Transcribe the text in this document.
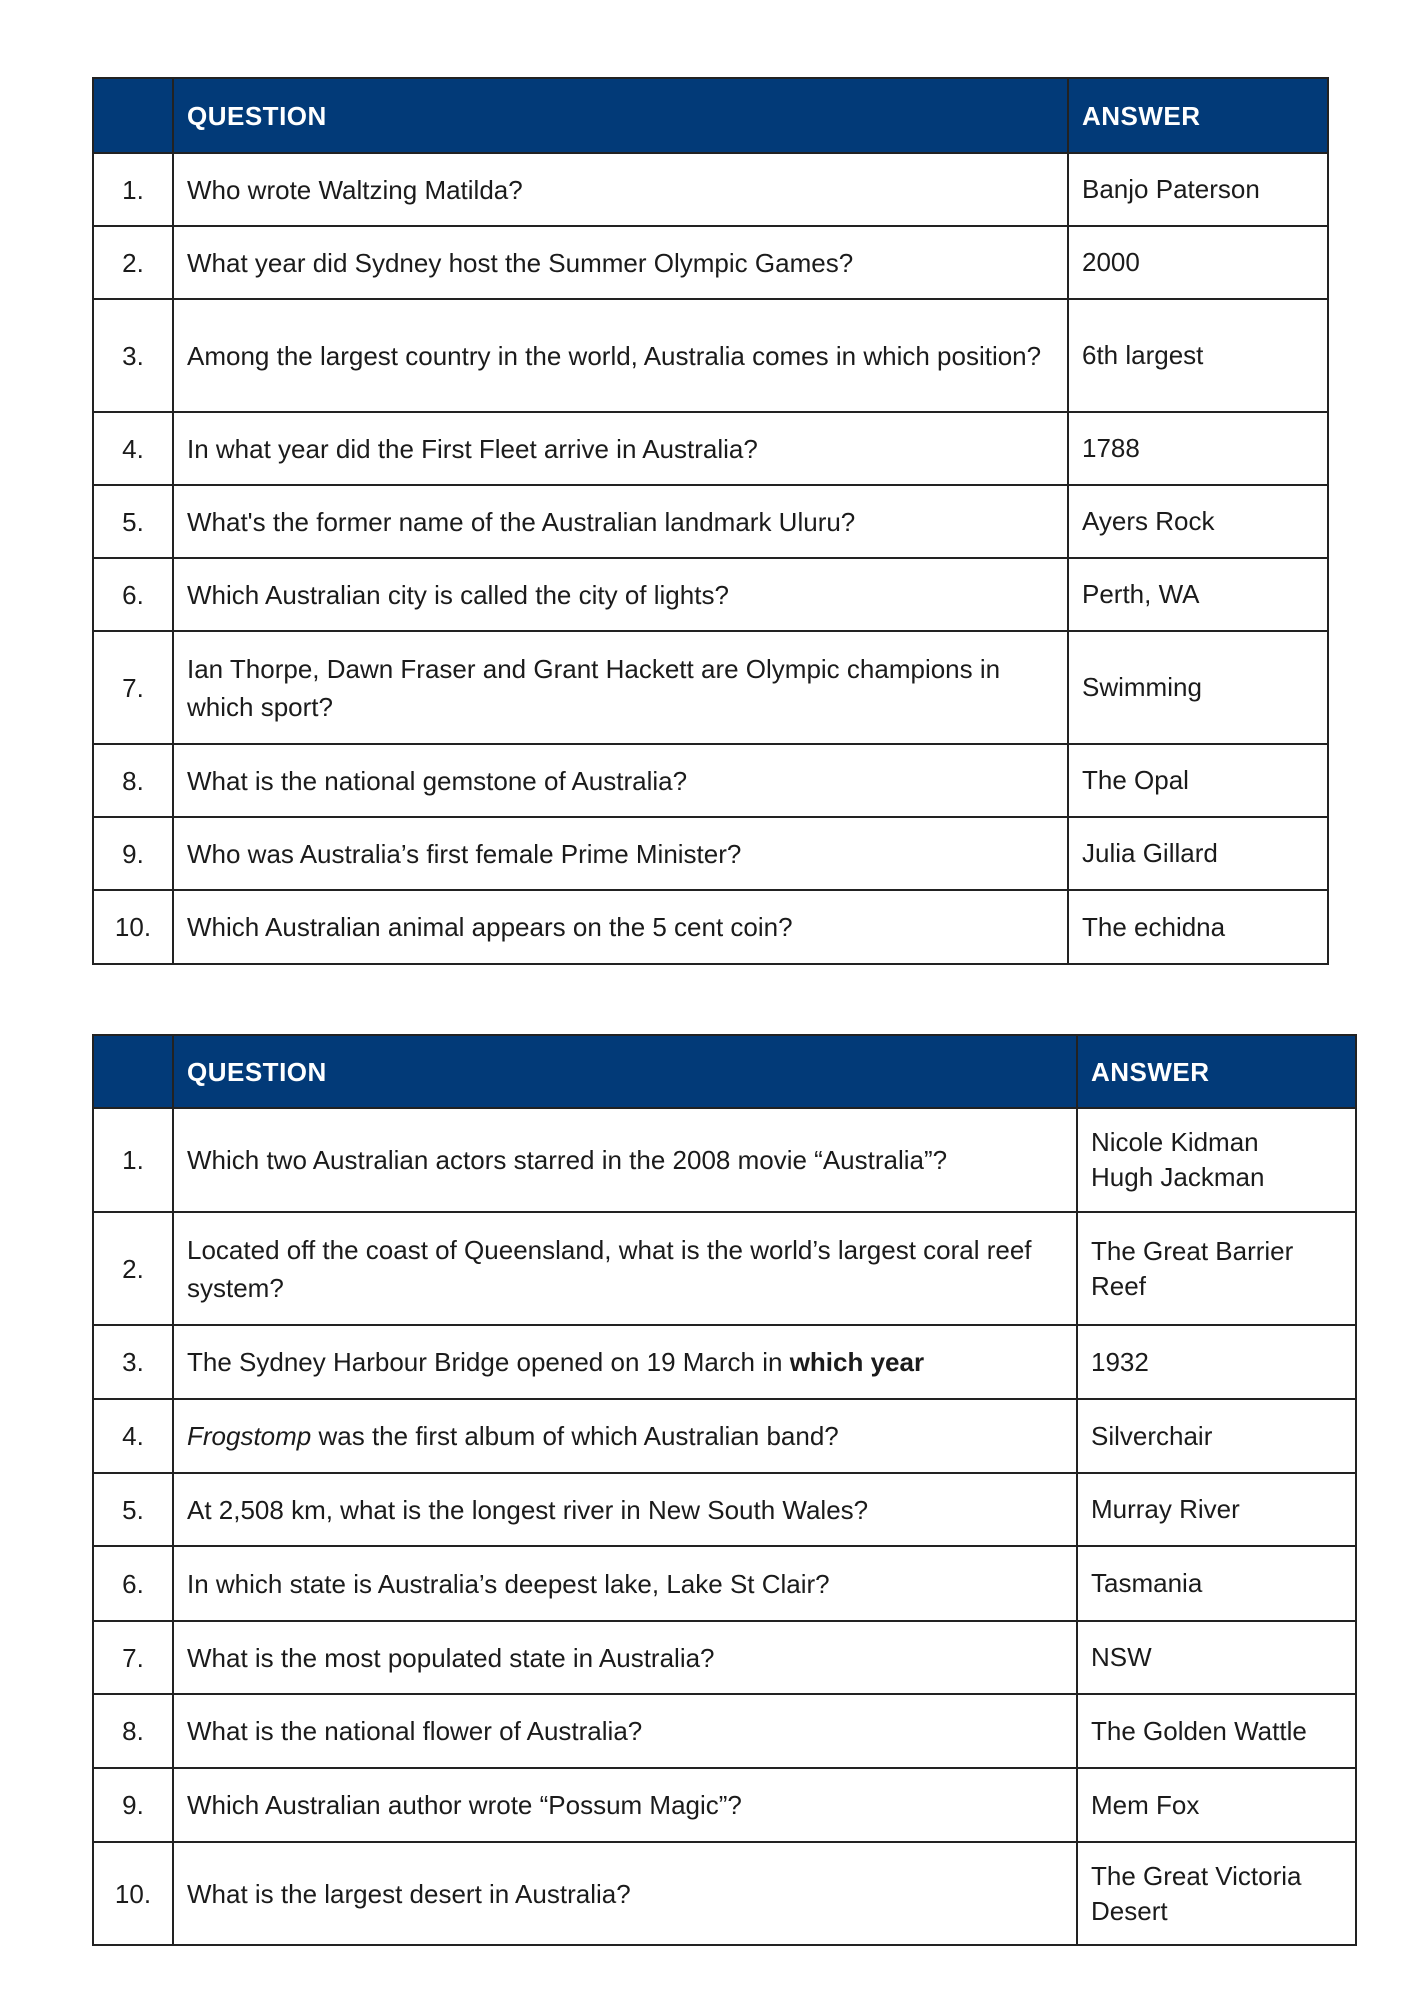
	QUESTION	ANSWER
1.	Who wrote Waltzing Matilda?	Banjo Paterson
2.	What year did Sydney host the Summer Olympic Games?	2000
3.	Among the largest country in the world, Australia comes in which position?	6th largest
4.	In what year did the First Fleet arrive in Australia?	1788
5.	What's the former name of the Australian landmark Uluru?	Ayers Rock
6.	Which Australian city is called the city of lights?	Perth, WA
7.	Ian Thorpe, Dawn Fraser and Grant Hackett are Olympic champions in which sport?	Swimming
8.	What is the national gemstone of Australia?	The Opal
9.	Who was Australia’s first female Prime Minister?	Julia Gillard
10.	Which Australian animal appears on the 5 cent coin?	The echidna
	QUESTION	ANSWER
1.	Which two Australian actors starred in the 2008 movie “Australia”?	Nicole Kidman
Hugh Jackman
2.	Located off the coast of Queensland, what is the world’s largest coral reef system?	The Great Barrier Reef
3.	The Sydney Harbour Bridge opened on 19 March in which year	1932
4.	Frogstomp was the first album of which Australian band?	Silverchair
5.	At 2,508 km, what is the longest river in New South Wales?	Murray River
6.	In which state is Australia’s deepest lake, Lake St Clair?	Tasmania
7.	What is the most populated state in Australia?	NSW
8.	What is the national flower of Australia?	The Golden Wattle
9.	Which Australian author wrote “Possum Magic”?	Mem Fox
10.	What is the largest desert in Australia?	The Great Victoria Desert
